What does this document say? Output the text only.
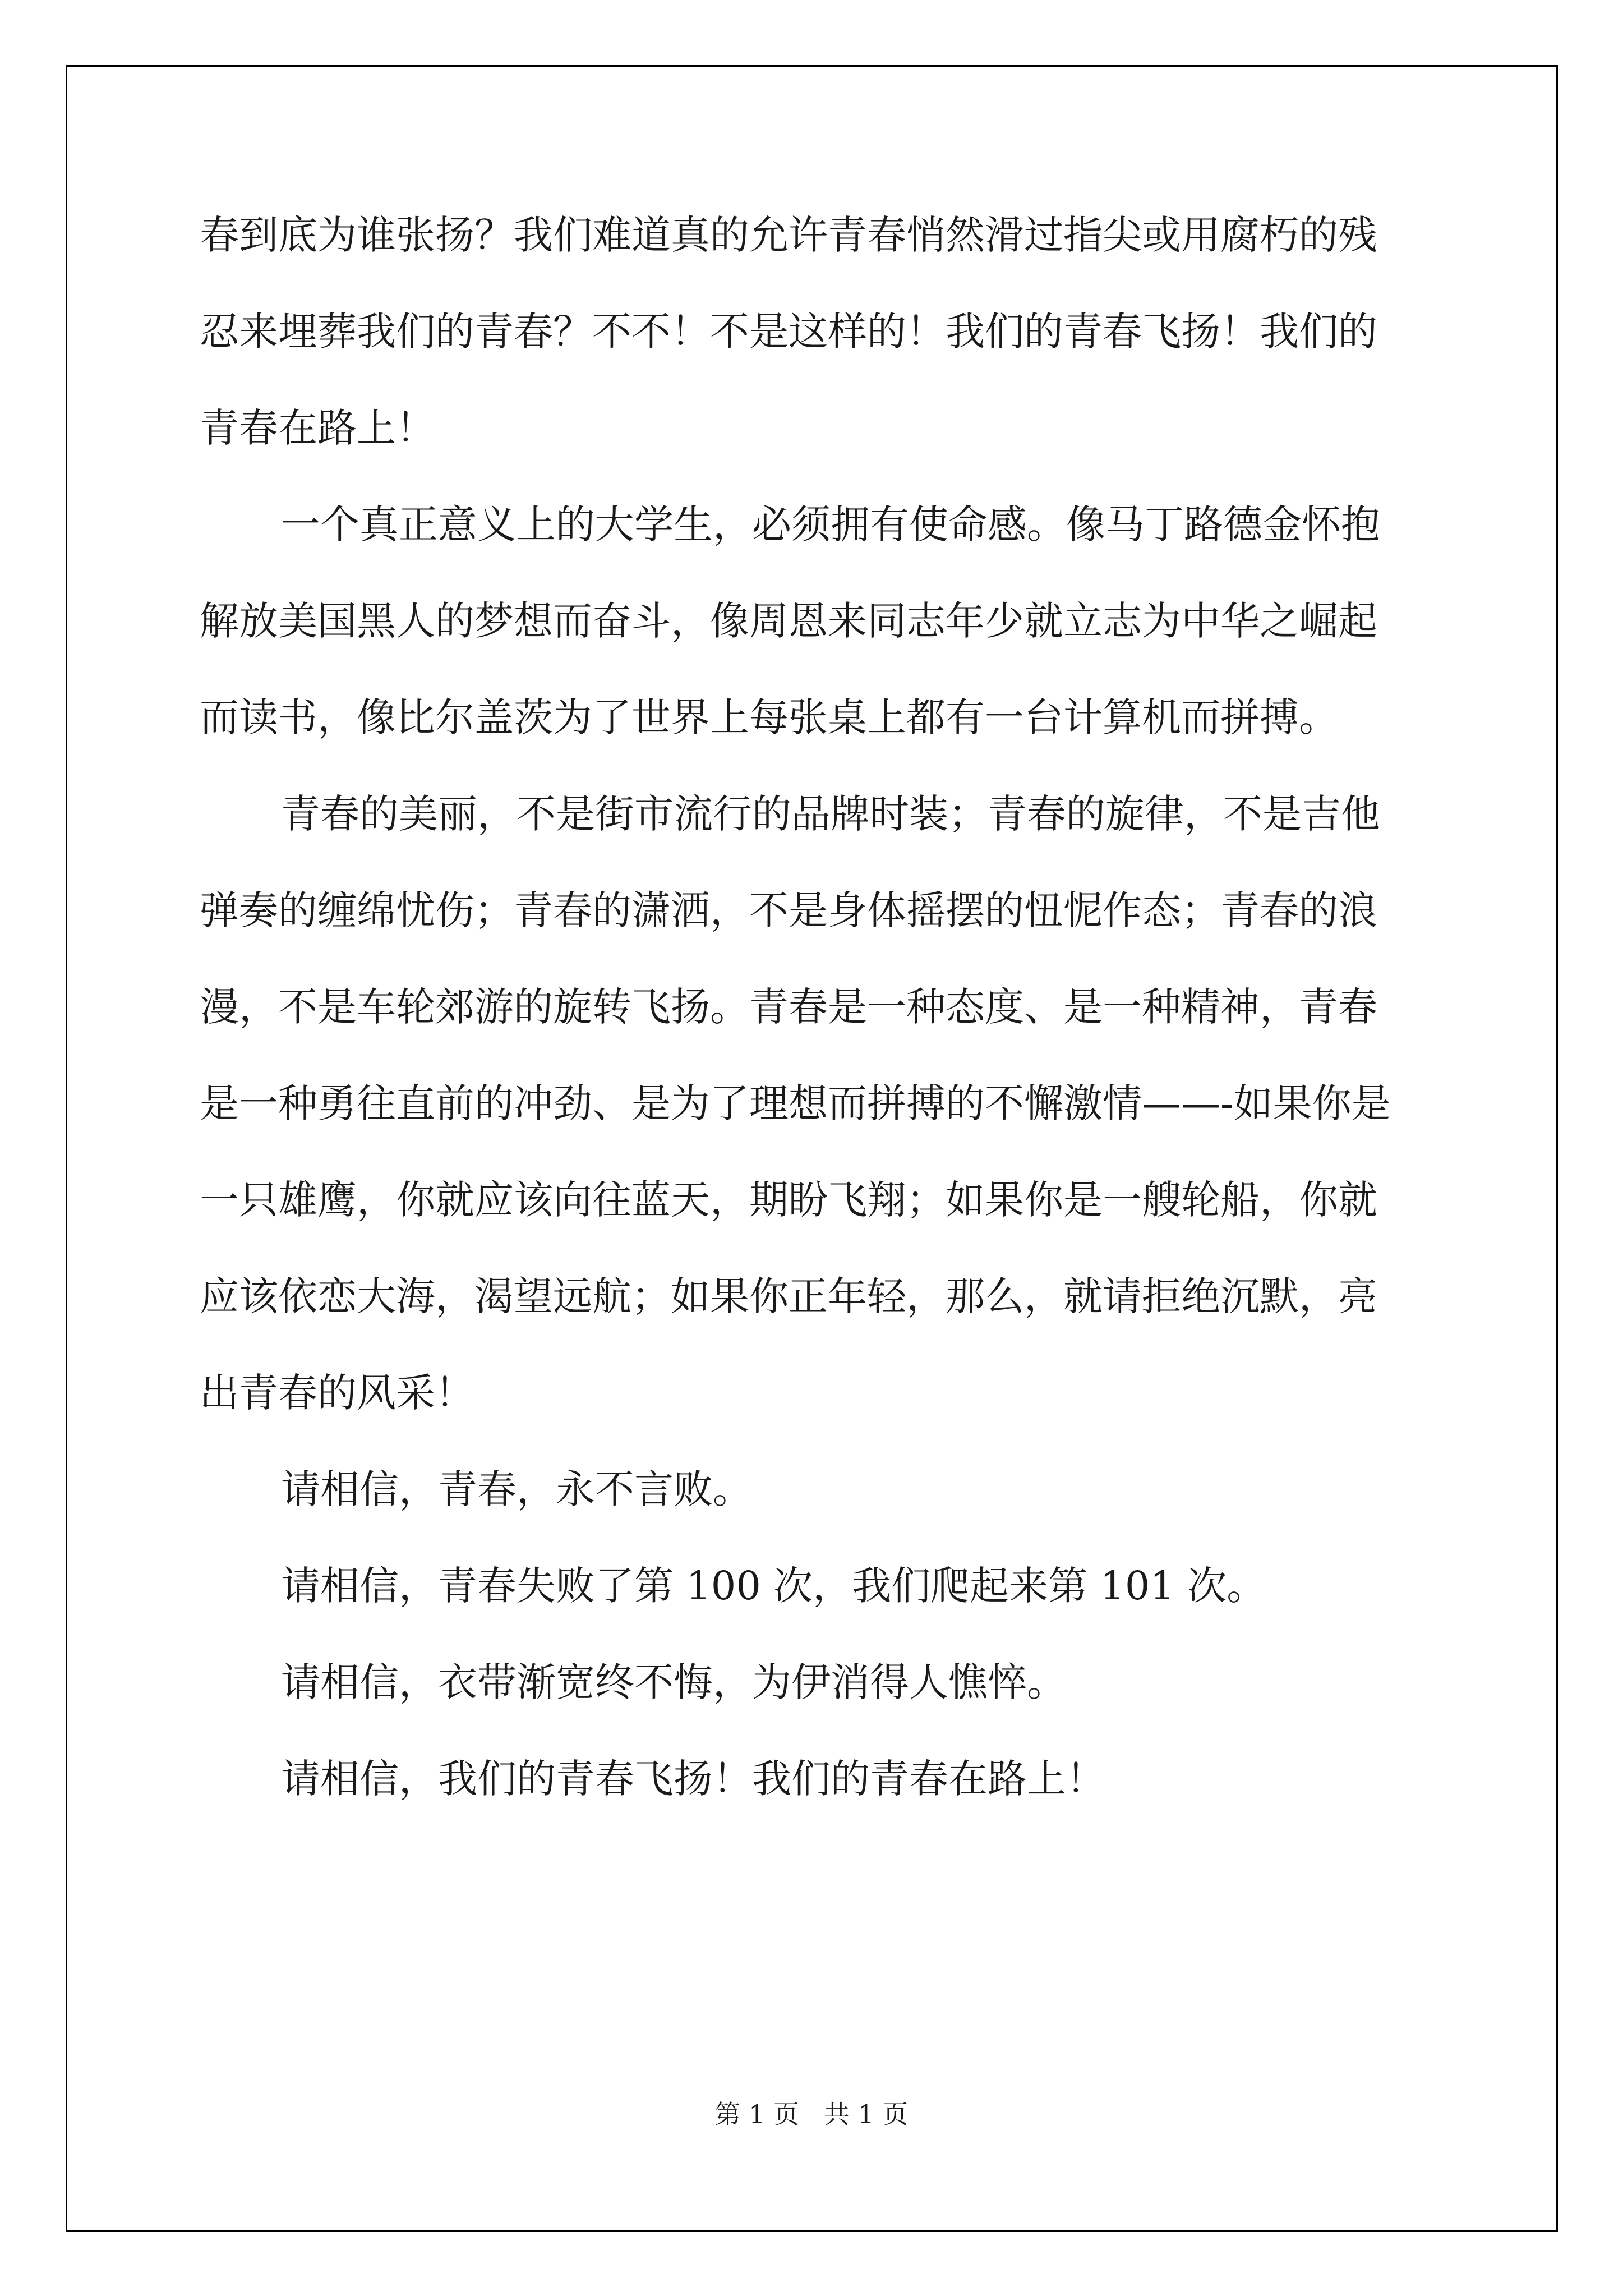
春到底为谁张扬？我们难道真的允许青春悄然滑过指尖或用腐朽的残
忍来埋葬我们的青春？不不！不是这样的！我们的青春飞扬！我们的
青春在路上！
一个真正意义上的大学生，必须拥有使命感。像马丁路德金怀抱
解放美国黑人的梦想而奋斗，像周恩来同志年少就立志为中华之崛起
而读书，像比尔盖茨为了世界上每张桌上都有一台计算机而拼搏。
青春的美丽，不是街市流行的品牌时装；青春的旋律，不是吉他
弹奏的缠绵忧伤；青春的潇洒，不是身体摇摆的忸怩作态；青春的浪
漫，不是车轮郊游的旋转飞扬。青春是一种态度、是一种精神，青春
是一种勇往直前的冲劲、是为了理想而拼搏的不懈激情——-如果你是
一只雄鹰，你就应该向往蓝天，期盼飞翔；如果你是一艘轮船，你就
应该依恋大海，渴望远航；如果你正年轻，那么，就请拒绝沉默，亮
出青春的风采！
请相信，青春，永不言败。
请相信，青春失败了第 100 次，我们爬起来第 101 次。
请相信，衣带渐宽终不悔，为伊消得人憔悴。
请相信，我们的青春飞扬！我们的青春在路上！
第 1 页   共 1 页
